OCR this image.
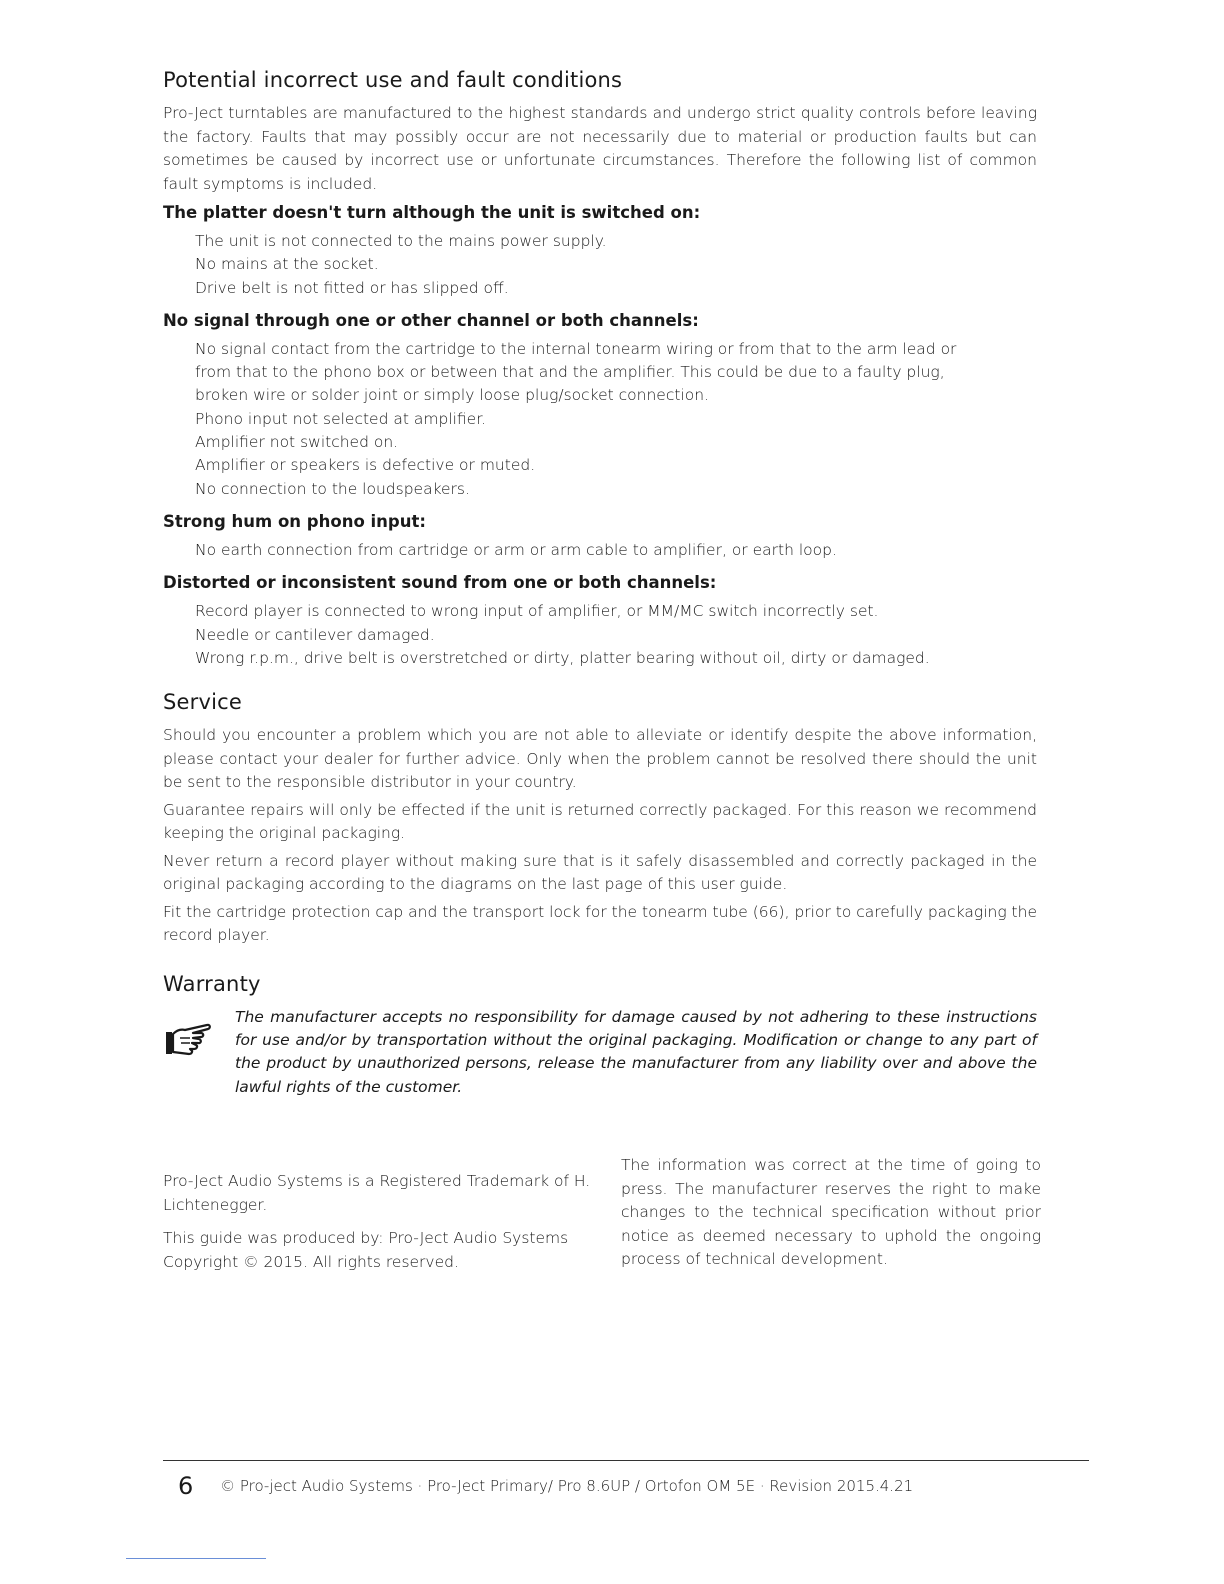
Potential incorrect use and fault conditions

Pro-Ject turntables are manufactured to the highest standards and undergo strict quality controls before leaving the factory. Faults that may possibly occur are not necessarily due to material or production faults but can sometimes be caused by incorrect use or unfortunate circumstances. Therefore the following list of common fault symptoms is included.

The platter doesn't turn although the unit is switched on:
The unit is not connected to the mains power supply.
No mains at the socket.
Drive belt is not fitted or has slipped off.
No signal through one or other channel or both channels:
No signal contact from the cartridge to the internal tonearm wiring or from that to the arm lead or
from that to the phono box or between that and the amplifier. This could be due to a faulty plug,
broken wire or solder joint or simply loose plug/socket connection.
Phono input not selected at amplifier.
Amplifier not switched on.
Amplifier or speakers is defective or muted.
No connection to the loudspeakers.
Strong hum on phono input:
No earth connection from cartridge or arm or arm cable to amplifier, or earth loop.
Distorted or inconsistent sound from one or both channels:
Record player is connected to wrong input of amplifier, or MM/MC switch incorrectly set.
Needle or cantilever damaged.
Wrong r.p.m., drive belt is overstretched or dirty, platter bearing without oil, dirty or damaged.
Service

Should you encounter a problem which you are not able to alleviate or identify despite the above information, please contact your dealer for further advice. Only when the problem cannot be resolved there should the unit be sent to the responsible distributor in your country.

Guarantee repairs will only be effected if the unit is returned correctly packaged. For this reason we recommend keeping the original packaging.

Never return a record player without making sure that is it safely disassembled and correctly packaged in the original packaging according to the diagrams on the last page of this user guide.

Fit the cartridge protection cap and the transport lock for the tonearm tube (66), prior to carefully packaging the record player.

Warranty
The manufacturer accepts no responsibility for damage caused by not adhering to these instructions for use and/or by transportation without the original packaging. Modification or change to any part of the product by unauthorized persons, release the manufacturer from any liability over and above the lawful rights of the customer.

Pro-Ject Audio Systems is a Registered Trademark of H. Lichtenegger.

This guide was produced by: Pro-Ject Audio Systems Copyright © 2015. All rights reserved.

The information was correct at the time of going to press. The manufacturer reserves the right to make changes to the technical specification without prior notice as deemed necessary to uphold the ongoing process of technical development.

6 © Pro-ject Audio Systems · Pro-Ject Primary/ Pro 8.6UP / Ortofon OM 5E · Revision 2015.4.21
